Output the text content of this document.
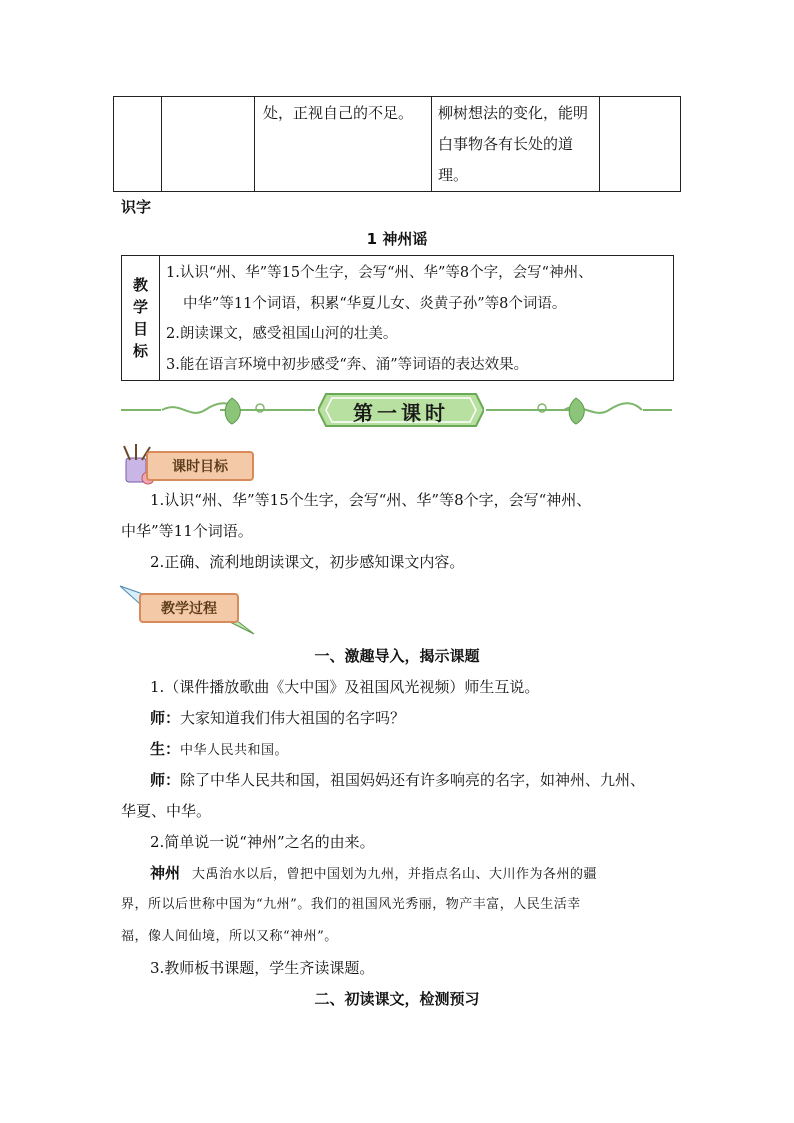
		处，正视自己的不足。	柳树想法的变化，能明
白事物各有长处的道
理。

识字
1 神州谣
教
学
目
标
1.认识“州、华”等15个生字，会写“州、华”等8个字，会写“神州、
中华”等11个词语，积累“华夏儿女、炎黄子孙”等8个词语。
2.朗读课文，感受祖国山河的壮美。
3.能在语言环境中初步感受“奔、涌”等词语的表达效果。
第一课时
课时目标
1.认识“州、华”等15个生字，会写“州、华”等8个字，会写“神州、
中华”等11个词语。
2.正确、流利地朗读课文，初步感知课文内容。
教学过程
一、激趣导入，揭示课题
1.（课件播放歌曲《大中国》及祖国风光视频）师生互说。
师：大家知道我们伟大祖国的名字吗？
生：中华人民共和国。
师：除了中华人民共和国，祖国妈妈还有许多响亮的名字，如神州、九州、
华夏、中华。
2.简单说一说“神州”之名的由来。
神州 大禹治水以后，曾把中国划为九州，并指点名山、大川作为各州的疆
界，所以后世称中国为“九州”。我们的祖国风光秀丽，物产丰富，人民生活幸
福，像人间仙境，所以又称“神州”。
3.教师板书课题，学生齐读课题。
二、初读课文，检测预习
